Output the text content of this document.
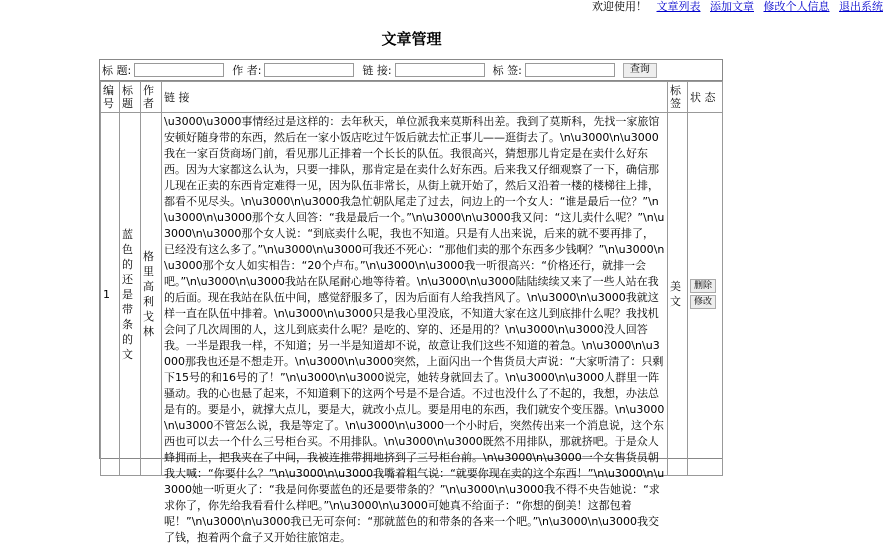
欢迎使用！ 文章列表 添加文章 修改个人信息 退出系统
文章管理
标 题:	作 者:	链 接:	标 签:	查询
编号	标题	作者	链 接	标签	状 态
1	蓝色的还是带条的文	格里高利戈林	\u3000\u3000事情经过是这样的：去年秋天，单位派我来莫斯科出差。我到了莫斯科，先找一家旅馆安顿好随身带的东西，然后在一家小饭店吃过午饭后就去忙正事儿——逛街去了。\n\u3000\n\u3000我在一家百货商场门前，看见那儿正排着一个长长的队伍。我很高兴，猜想那儿肯定是在卖什么好东西。因为大家都这么认为，只要一排队，那肯定是在卖什么好东西。后来我又仔细观察了一下，确信那儿现在正卖的东西肯定难得一见，因为队伍非常长，从街上就开始了，然后又沿着一楼的楼梯往上排，都看不见尽头。\n\u3000\n\u3000我急忙朝队尾走了过去，问边上的一个女人：“谁是最后一位？”\n\u3000\n\u3000那个女人回答：“我是最后一个。”\n\u3000\n\u3000我又问：“这儿卖什么呢？”\n\u3000\n\u3000那个女人说：“到底卖什么呢，我也不知道。只是有人出来说，后来的就不要再排了，已经没有这么多了。”\n\u3000\n\u3000可我还不死心：“那他们卖的那个东西多少钱啊？”\n\u3000\n\u3000那个女人如实相告：“20个卢布。”\n\u3000\n\u3000我一听很高兴：“价格还行，就排一会吧。”\n\u3000\n\u3000我站在队尾耐心地等待着。\n\u3000\n\u3000陆陆续续又来了一些人站在我的后面。现在我站在队伍中间，感觉舒服多了，因为后面有人给我挡风了。\n\u3000\n\u3000我就这样一直在队伍中排着。\n\u3000\n\u3000只是我心里没底，不知道大家在这儿到底排什么呢？我找机会问了几次周围的人，这儿到底卖什么呢？是吃的、穿的、还是用的？\n\u3000\n\u3000没人回答我。一半是跟我一样，不知道；另一半是知道却不说，故意让我们这些不知道的着急。\n\u3000\n\u3000那我也还是不想走开。\n\u3000\n\u3000突然，上面闪出一个售货员大声说：“大家听清了：只剩下15号的和16号的了！”\n\u3000\n\u3000说完，她转身就回去了。\n\u3000\n\u3000人群里一阵骚动。我的心也悬了起来，不知道剩下的这两个号是不是合适。不过也没什么了不起的，我想，办法总是有的。要是小，就撑大点儿，要是大，就改小点儿。要是用电的东西，我们就安个变压器。\n\u3000\n\u3000不管怎么说，我是等定了。\n\u3000\n\u3000一个小时后，突然传出来一个消息说，这个东西也可以去一个什么三号柜台买。不用排队。\n\u3000\n\u3000既然不用排队，那就挤吧。于是众人蜂拥而上，把我夹在了中间，我被连推带拥地挤到了三号柜台前。\n\u3000\n\u3000一个女售货员朝我大喊：“你要什么？”\n\u3000\n\u3000我嘴着粗气说：“就要你现在卖的这个东西！”\n\u3000\n\u3000她一听更火了：“我是问你要蓝色的还是要带条的？”\n\u3000\n\u3000我不得不央告她说：“求求你了，你先给我看看什么样吧。”\n\u3000\n\u3000可她真不给面子：“你想的倒美！这都包着呢！”\n\u3000\n\u3000我已无可奈何：“那就蓝色的和带条的各来一个吧。”\n\u3000\n\u3000我交了钱，抱着两个盒子又开始往旅馆走。	美文	删除
修改
